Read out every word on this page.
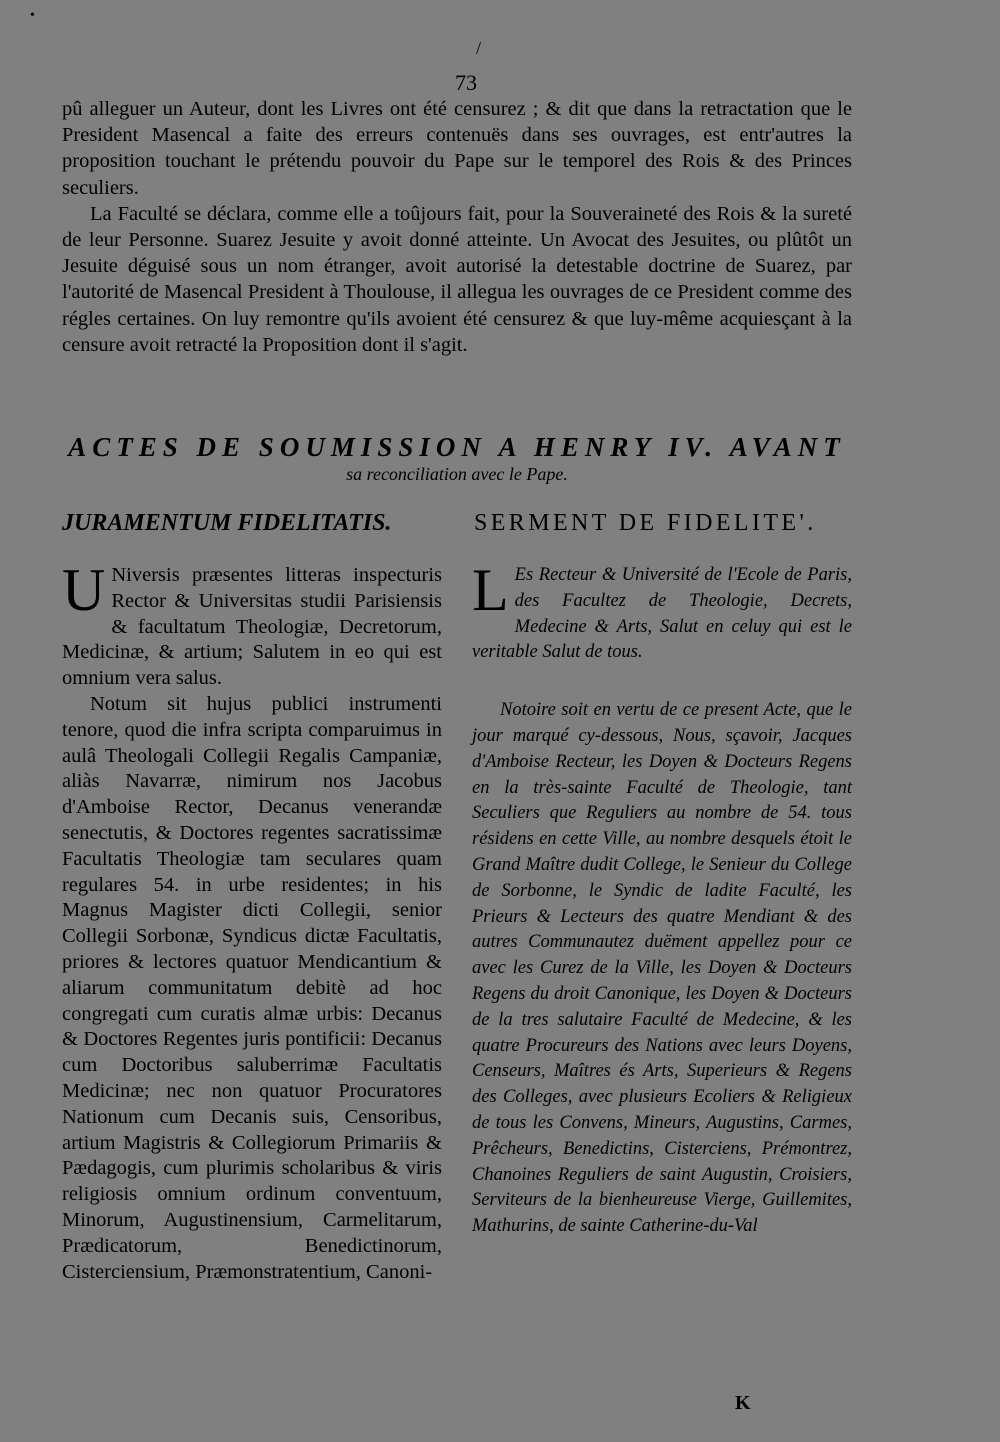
•
/
73

pû alleguer un Auteur, dont les Livres ont été censurez ; & dit que dans la retractation que le President Masencal a faite des erreurs contenuës dans ses ouvrages, est entr'autres la proposition touchant le prétendu pouvoir du Pape sur le temporel des Rois & des Princes seculiers.

La Faculté se déclara, comme elle a toûjours fait, pour la Souveraineté des Rois & la sureté de leur Personne. Suarez Jesuite y avoit donné atteinte. Un Avocat des Jesuites, ou plûtôt un Jesuite déguisé sous un nom étranger, avoit autorisé la detestable doctrine de Suarez, par l'autorité de Masencal President à Thoulouse, il allegua les ouvrages de ce President comme des régles certaines. On luy remontre qu'ils avoient été censurez & que luy-même acquiesçant à la censure avoit retracté la Proposition dont il s'agit.

ACTES DE SOUMISSION A HENRY IV. AVANT
sa reconciliation avec le Pape.
JURAMENTUM FIDELITATIS.	SERMENT DE FIDELITE'.

U Niversis præsentes litteras inspecturis Rector & Universitas studii Parisiensis & facultatum Theologiæ, Decretorum, Medicinæ, & artium; Salutem in eo qui est omnium vera salus.

Notum sit hujus publici instrumenti tenore, quod die infra scripta comparuimus in aulâ Theologali Collegii Regalis Campaniæ, aliàs Navarræ, nimirum nos Jacobus d'Amboise Rector, Decanus venerandæ senectutis, & Doctores regentes sacratissimæ Facultatis Theologiæ tam seculares quam regulares 54. in urbe residentes; in his Magnus Magister dicti Collegii, senior Collegii Sorbonæ, Syndicus dictæ Facultatis, priores & lectores quatuor Mendicantium & aliarum communitatum debitè ad hoc congregati cum curatis almæ urbis: Decanus & Doctores Regentes juris pontificii: Decanus cum Doctoribus saluberrimæ Facultatis Medicinæ; nec non quatuor Procuratores Nationum cum Decanis suis, Censoribus, artium Magistris & Collegiorum Primariis & Pædagogis, cum plurimis scholaribus & viris religiosis omnium ordinum conventuum, Minorum, Augustinensium, Carmelitarum, Prædicatorum, Benedictinorum, Cisterciensium, Præmonstratentium, Canoni-

L Es Recteur & Université de l'Ecole de Paris, des Facultez de Theologie, Decrets, Medecine & Arts, Salut en celuy qui est le veritable Salut de tous.

Notoire soit en vertu de ce present Acte, que le jour marqué cy-dessous, Nous, sçavoir, Jacques d'Amboise Recteur, les Doyen & Docteurs Regens en la très-sainte Faculté de Theologie, tant Seculiers que Reguliers au nombre de 54. tous résidens en cette Ville, au nombre desquels étoit le Grand Maître dudit College, le Senieur du College de Sorbonne, le Syndic de ladite Faculté, les Prieurs & Lecteurs des quatre Mendiant & des autres Communautez duëment appellez pour ce avec les Curez de la Ville, les Doyen & Docteurs Regens du droit Canonique, les Doyen & Docteurs de la tres salutaire Faculté de Medecine, & les quatre Procureurs des Nations avec leurs Doyens, Censeurs, Maîtres és Arts, Superieurs & Regens des Colleges, avec plusieurs Ecoliers & Religieux de tous les Convens, Mineurs, Augustins, Carmes, Prêcheurs, Benedictins, Cisterciens, Prémontrez, Chanoines Reguliers de saint Augustin, Croisiers, Serviteurs de la bienheureuse Vierge, Guillemites, Mathurins, de sainte Catherine-du-Val

K
